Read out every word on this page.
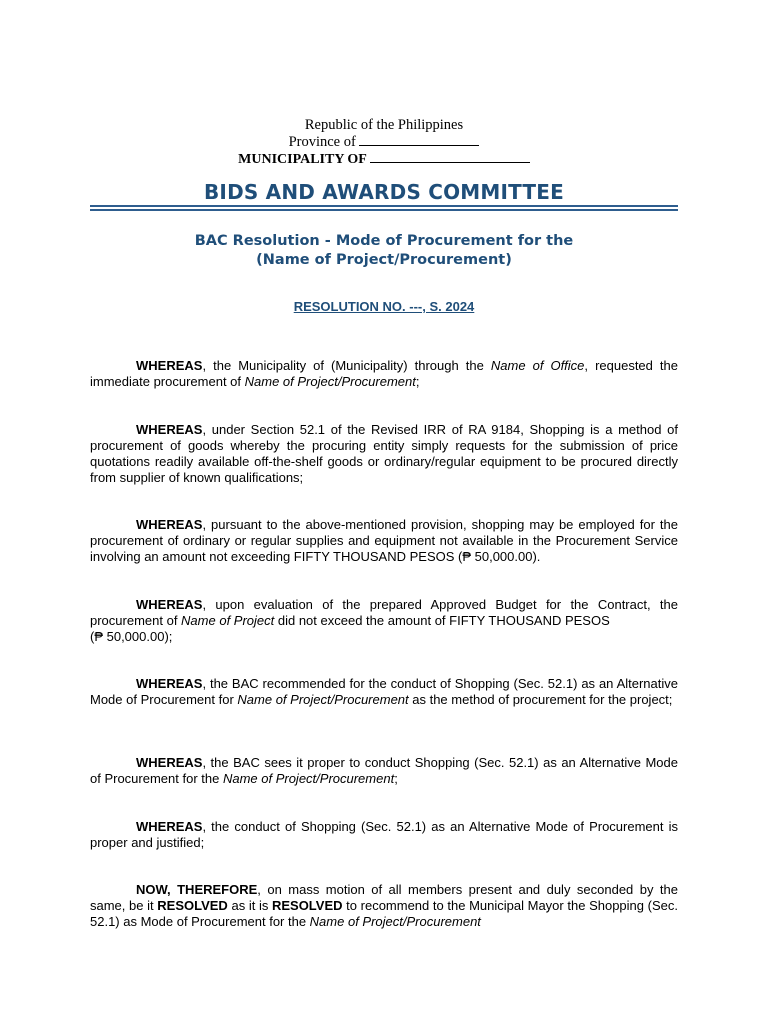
Republic of the Philippines
Province of
MUNICIPALITY OF
BIDS AND AWARDS COMMITTEE
BAC Resolution - Mode of Procurement for the
(Name of Project/Procurement)
RESOLUTION NO. ---, S. 2024
WHEREAS, the Municipality of (Municipality) through the Name of Office, requested the immediate procurement of Name of Project/Procurement;
WHEREAS, under Section 52.1 of the Revised IRR of RA 9184, Shopping is a method of procurement of goods whereby the procuring entity simply requests for the submission of price quotations readily available off-the-shelf goods or ordinary/regular equipment to be procured directly from supplier of known qualifications;
WHEREAS, pursuant to the above-mentioned provision, shopping may be employed for the procurement of ordinary or regular supplies and equipment not available in the Procurement Service involving an amount not exceeding FIFTY THOUSAND PESOS (₱ 50,000.00).
WHEREAS, upon evaluation of the prepared Approved Budget for the Contract, the procurement of Name of Project did not exceed the amount of FIFTY THOUSAND PESOS
(₱ 50,000.00);
WHEREAS, the BAC recommended for the conduct of Shopping (Sec. 52.1) as an Alternative Mode of Procurement for Name of Project/Procurement as the method of procurement for the project;
WHEREAS, the BAC sees it proper to conduct Shopping (Sec. 52.1) as an Alternative Mode of Procurement for the Name of Project/Procurement;
WHEREAS, the conduct of Shopping (Sec. 52.1) as an Alternative Mode of Procurement is proper and justified;
NOW, THEREFORE, on mass motion of all members present and duly seconded by the same, be it RESOLVED as it is RESOLVED to recommend to the Municipal Mayor the Shopping (Sec. 52.1) as Mode of Procurement for the Name of Project/Procurement
